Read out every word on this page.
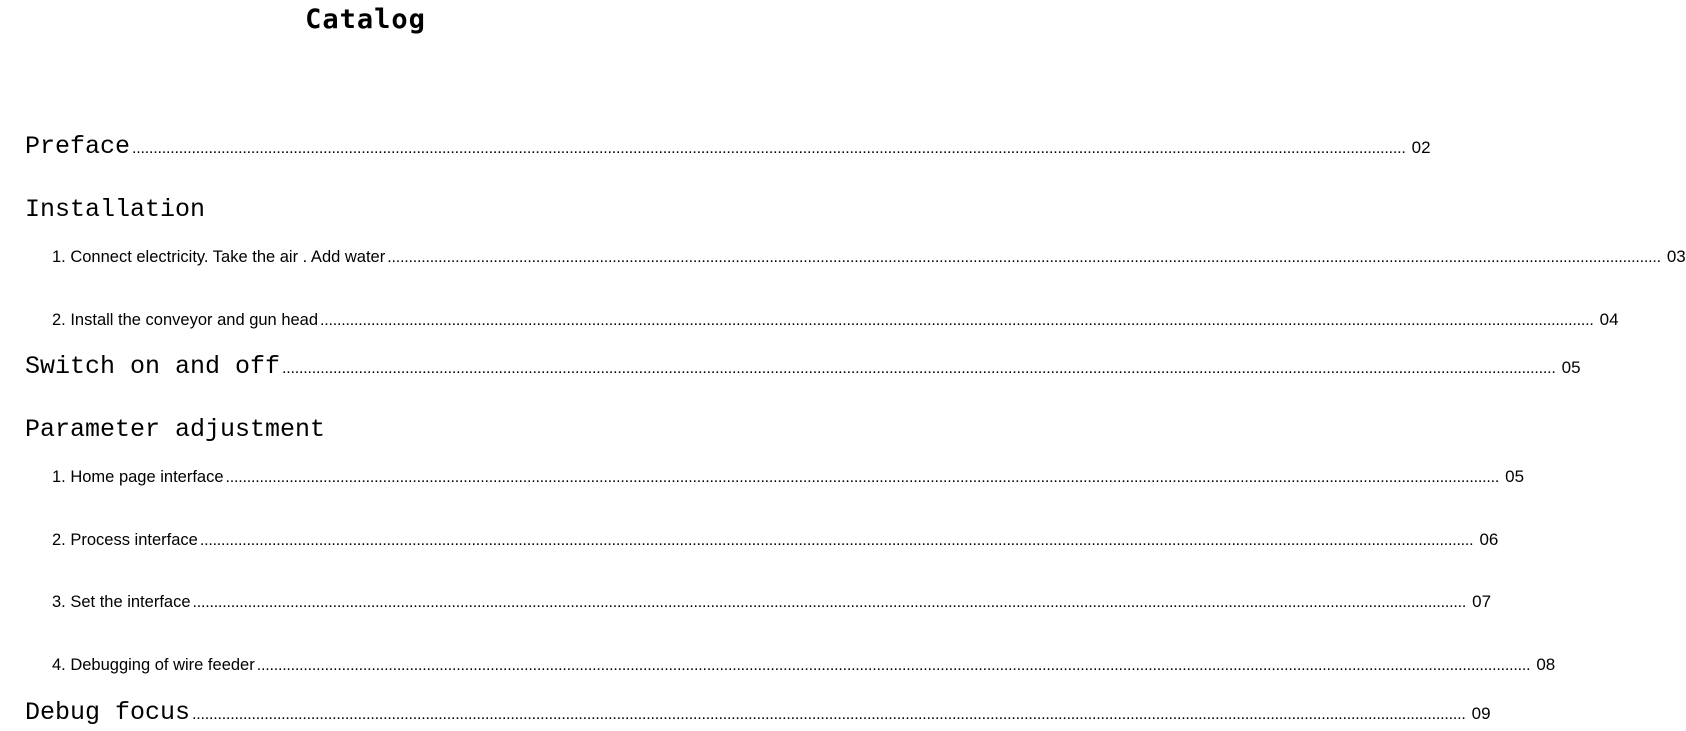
Catalog
Preface ............................................................................................................................................................................................................................................................................................................ 02
Installation
1. Connect electricity. Take the air . Add water ............................................................................................................................................................................................................................................................................................................ 03
2. Install the conveyor and gun head ............................................................................................................................................................................................................................................................................................................ 04
Switch on and off ............................................................................................................................................................................................................................................................................................................ 05
Parameter adjustment
1. Home page interface ............................................................................................................................................................................................................................................................................................................ 05
2. Process interface ............................................................................................................................................................................................................................................................................................................ 06
3. Set the interface ............................................................................................................................................................................................................................................................................................................ 07
4. Debugging of wire feeder ............................................................................................................................................................................................................................................................................................................ 08
Debug focus ............................................................................................................................................................................................................................................................................................................ 09
